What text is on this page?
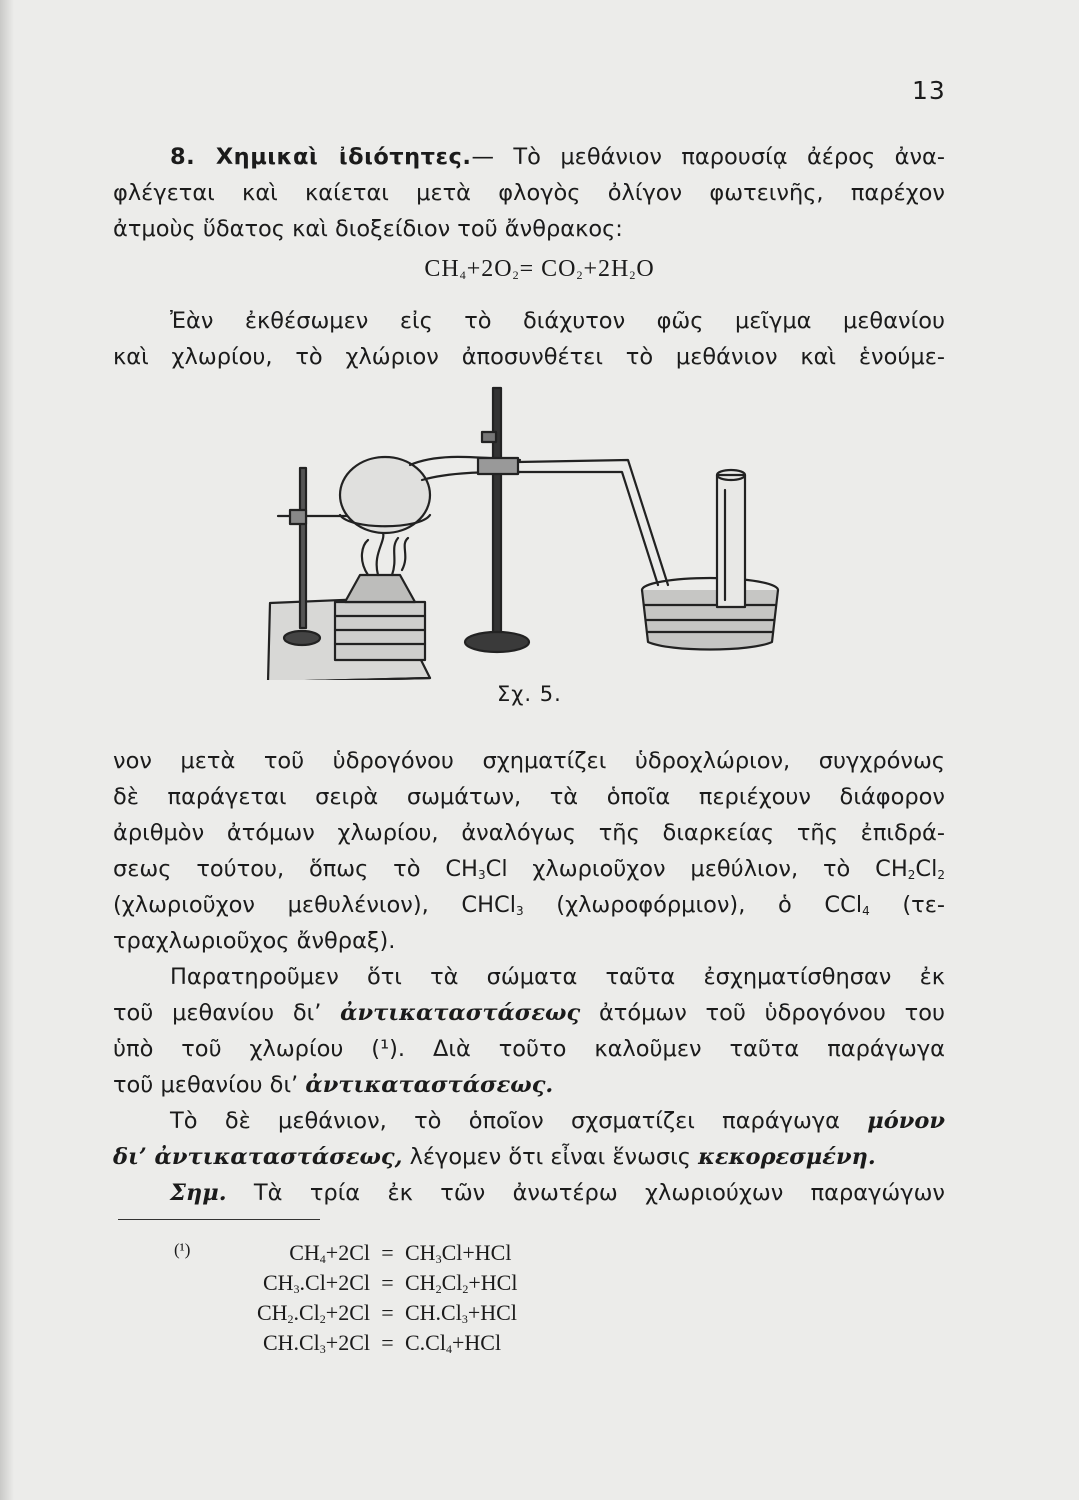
13
8. Χημικαὶ ἰδιότητες.— Τὸ μεθάνιον παρουσίᾳ ἀέρος ἀνα-
φλέγεται καὶ καίεται μετὰ φλογὸς ὀλίγον φωτεινῆς, παρέχον
ἀτμοὺς ὕδατος καὶ διοξείδιον τοῦ ἄνθρακος:
$CH_4+2O_2= CO_2+2H_2O$
Ἐὰν ἐκθέσωμεν εἰς τὸ διάχυτον φῶς μεῖγμα μεθανίου
καὶ χλωρίου, τὸ χλώριον ἀποσυνθέτει τὸ μεθάνιον καὶ ἑνούμε-
Σχ. 5.
νον μετὰ τοῦ ὑδρογόνου σχηματίζει ὑδροχλώριον, συγχρόνως
δὲ παράγεται σειρὰ σωμάτων, τὰ ὁποῖα περιέχουν διάφορον
ἀριθμὸν ἀτόμων χλωρίου, ἀναλόγως τῆς διαρκείας τῆς ἐπιδρά-
σεως τούτου, ὅπως τὸ CH3Cl χλωριοῦχον μεθύλιον, τὸ CH2Cl2
(χλωριοῦχον μεθυλένιον), CHCl3 (χλωροφόρμιον), ὁ CCl4 (τε-
τραχλωριοῦχος ἄνθραξ).
Παρατηροῦμεν ὅτι τὰ σώματα ταῦτα ἐσχηματίσθησαν ἐκ
τοῦ μεθανίου δι’ ἀντικαταστάσεως ἀτόμων τοῦ ὑδρογόνου του
ὑπὸ τοῦ χλωρίου (¹). Διὰ τοῦτο καλοῦμεν ταῦτα παράγωγα
τοῦ μεθανίου δι’ ἀντικαταστάσεως.
Τὸ δὲ μεθάνιον, τὸ ὁποῖον σχσματίζει παράγωγα μόνον
δι’ ἀντικαταστάσεως, λέγομεν ὅτι εἶναι ἕνωσις κεκορεσμένη.
Σημ. Τὰ τρία ἐκ τῶν ἀνωτέρω χλωριούχων παραγώγων
(¹)	$CH_4+2Cl = CH_3Cl+HCl$
$CH_3.Cl+2Cl = CH_2Cl_2+HCl$
$CH_2.Cl_2+2Cl = CH.Cl_3+HCl$
$CH.Cl_3+2Cl = C.Cl_4+HCl$
